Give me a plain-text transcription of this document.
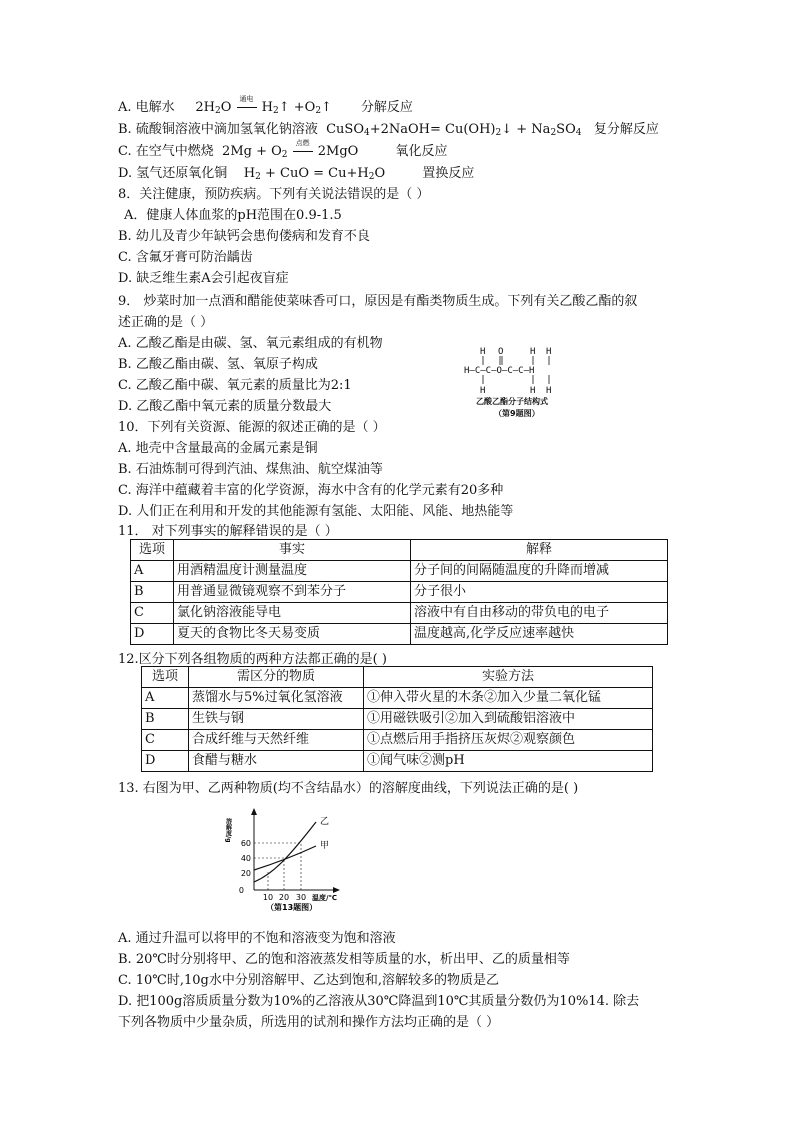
A. 电解水 $2H_2O$
通电
$H_2↑$ $+O_2↑$ 分解反应
B. 硫酸铜溶液中滴加氢氧化钠溶液 CuSO$_4$+2NaOH= $Cu(OH)_2↓ + Na_2SO_4$ 复分解反应
C. 在空气中燃烧 $2Mg + O_2$
点燃
2MgO	氧化反应
D. 氢气还原氧化铜 $H_2$ + CuO = $Cu+H_2O$	置换反应
8．关注健康，预防疾病。下列有关说法错误的是（ ）
A．健康人体血浆的pH范围在0.9-1.5
B. 幼儿及青少年缺钙会患佝偻病和发育不良
C. 含氟牙膏可防治龋齿
D. 缺乏维生素A会引起夜盲症
9． 炒菜时加一点酒和醋能使菜味香可口，原因是有酯类物质生成。下列有关乙酸乙酯的叙
述正确的是（ ）
A. 乙酸乙酯是由碳、氢、氧元素组成的有机物
B. 乙酸乙酯由碳、氢、氧原子构成
C. 乙酸乙酯中碳、氧元素的质量比为2:1
D. 乙酸乙酯中氧元素的质量分数最大
H O	H H
H—C—C—O—C—C—H
H	H H
乙酸乙酯分子结构式
（第9题图）
10．下列有关资源、能源的叙述正确的是（ ）
A. 地壳中含量最高的金属元素是铜
B. 石油炼制可得到汽油、煤焦油、航空煤油等
C. 海洋中蕴藏着丰富的化学资源，海水中含有的化学元素有20多种
D. 人们正在利用和开发的其他能源有氢能、太阳能、风能、地热能等
11． 对下列事实的解释错误的是（ ）
选项	事实	解释
A	用酒精温度计测量温度	分子间的间隔随温度的升降而增减
B	用普通显微镜观察不到苯分子	分子很小
C	氯化钠溶液能导电	溶液中有自由移动的带负电的电子
D	夏天的食物比冬天易变质	温度越高,化学反应速率越快
12.区分下列各组物质的两种方法都正确的是( )
选项	需区分的物质	实验方法
A	蒸馏水与5%过氧化氢溶液	①伸入带火星的木条②加入少量二氧化锰
B	生铁与钢	①用磁铁吸引②加入到硫酸铝溶液中
C	合成纤维与天然纤维	①点燃后用手指挤压灰烬②观察颜色
D	食醋与糖水	①闻气味②测pH
13. 右图为甲、乙两种物质(均不含结晶水）的溶解度曲线，下列说法正确的是( )
溶解度/g
0
20
40
60
10 20 30 温度/℃
乙
甲
（第13题图）
A. 通过升温可以将甲的不饱和溶液变为饱和溶液
B. 20℃时分别将甲、乙的饱和溶液蒸发相等质量的水，析出甲、乙的质量相等
C. 10℃时,10g水中分别溶解甲、乙达到饱和,溶解较多的物质是乙
D. 把100g溶质质量分数为10%的乙溶液从30℃降温到10℃其质量分数仍为10%14. 除去
下列各物质中少量杂质，所选用的试剂和操作方法均正确的是（ ）
